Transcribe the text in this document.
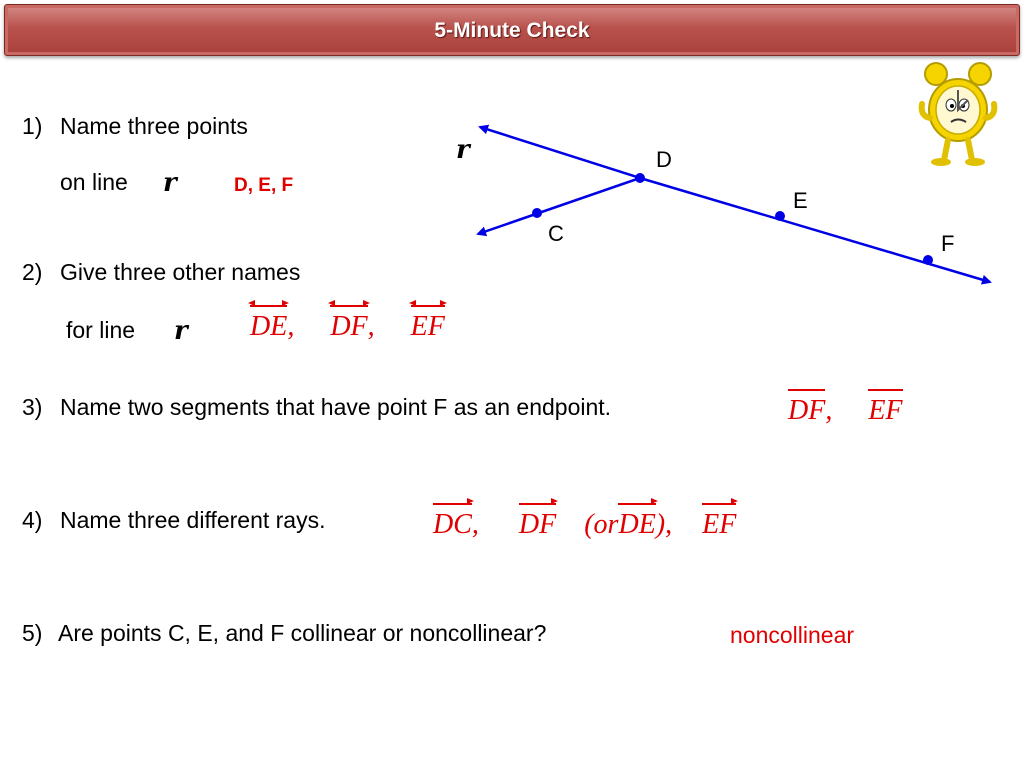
5-Minute Check
1) Name three points
on line r	D, E, F
r	D
E
F
C
2) Give three other names
for line r DE, DF, EF
3) Name two segments that have point F as an endpoint.	DF, EF
4) Name three different rays.	DC, DF (or
DE), EF
5) Are points C, E, and F collinear or noncollinear?	noncollinear
